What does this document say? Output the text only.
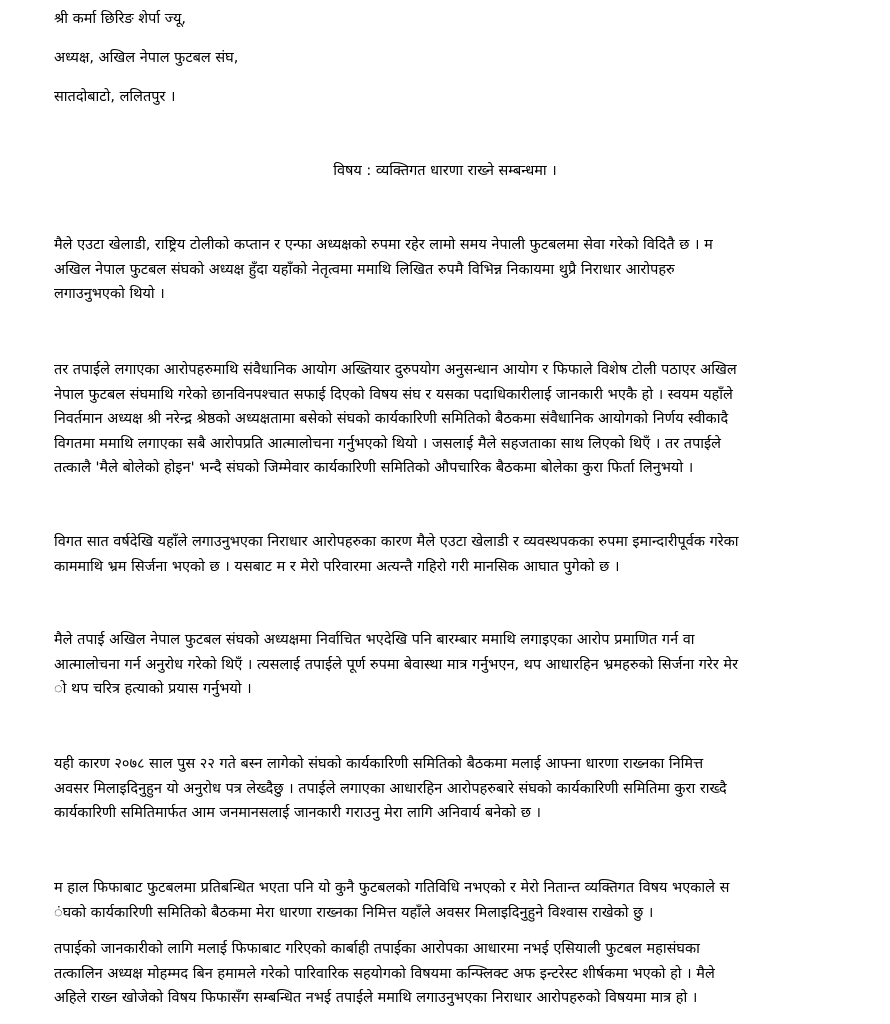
श्री कर्मा छिरिङ शेर्पा ज्यू,
अध्यक्ष, अखिल नेपाल फुटबल संघ,
सातदोबाटो, ललितपुर ।
विषय : व्यक्तिगत धारणा राख्ने सम्बन्धमा ।
मैले एउटा खेलाडी, राष्ट्रिय टोलीको कप्तान र एन्फा अध्यक्षको रुपमा रहेर लामो समय नेपाली फुटबलमा सेवा गरेको विदितै छ । म
अखिल नेपाल फुटबल संघको अध्यक्ष हुँदा यहाँको नेतृत्वमा ममाथि लिखित रुपमै विभिन्न निकायमा थुप्रै निराधार आरोपहरु
लगाउनुभएको थियो ।
तर तपाईले लगाएका आरोपहरुमाथि संवैधानिक आयोग अख्तियार दुरुपयोग अनुसन्धान आयोग र फिफाले विशेष टोली पठाएर अखिल
नेपाल फुटबल संघमाथि गरेको छानविनपश्चात सफाई दिएको विषय संघ र यसका पदाधिकारीलाई जानकारी भएकै हो । स्वयम यहाँले
निवर्तमान अध्यक्ष श्री नरेन्द्र श्रेष्ठको अध्यक्षतामा बसेको संघको कार्यकारिणी समितिको बैठकमा संवैधानिक आयोगको निर्णय स्वीकादै
विगतमा ममाथि लगाएका सबै आरोपप्रति आत्मालोचना गर्नुभएको थियो । जसलाई मैले सहजताका साथ लिएको थिएँ । तर तपाईले
तत्कालै 'मैले बोलेको होइन' भन्दै संघको जिम्मेवार कार्यकारिणी समितिको औपचारिक बैठकमा बोलेका कुरा फिर्ता लिनुभयो ।
विगत सात वर्षदेखि यहाँले लगाउनुभएका निराधार आरोपहरुका कारण मैले एउटा खेलाडी र व्यवस्थपकका रुपमा इमान्दारीपूर्वक गरेका
काममाथि भ्रम सिर्जना भएको छ । यसबाट म र मेरो परिवारमा अत्यन्तै गहिरो गरी मानसिक आघात पुगेको छ ।
मैले तपाई अखिल नेपाल फुटबल संघको अध्यक्षमा निर्वाचित भएदेखि पनि बारम्बार ममाथि लगाइएका आरोप प्रमाणित गर्न वा
आत्मालोचना गर्न अनुरोध गरेको थिएँ । त्यसलाई तपाईले पूर्ण रुपमा बेवास्था मात्र गर्नुभएन, थप आधारहिन भ्रमहरुको सिर्जना गरेर मेर
ो थप चरित्र हत्याको प्रयास गर्नुभयो ।
यही कारण २०७८ साल पुस २२ गते बस्न लागेको संघको कार्यकारिणी समितिको बैठकमा मलाई आफ्ना धारणा राख्नका निमित्त
अवसर मिलाइदिनुहुन यो अनुरोध पत्र लेख्दैछु । तपाईले लगाएका आधारहिन आरोपहरुबारे संघको कार्यकारिणी समितिमा कुरा राख्दै
कार्यकारिणी समितिमार्फत आम जनमानसलाई जानकारी गराउनु मेरा लागि अनिवार्य बनेको छ ।
म हाल फिफाबाट फुटबलमा प्रतिबन्धित भएता पनि यो कुनै फुटबलको गतिविधि नभएको र मेरो नितान्त व्यक्तिगत विषय भएकाले स
ंघको कार्यकारिणी समितिको बैठकमा मेरा धारणा राख्नका निमित्त यहाँले अवसर मिलाइदिनुहुने विश्वास राखेको छु ।
तपाईको जानकारीको लागि मलाई फिफाबाट गरिएको कार्बाही तपाईका आरोपका आधारमा नभई एसियाली फुटबल महासंघका
तत्कालिन अध्यक्ष मोहम्मद बिन हमामले गरेको पारिवारिक सहयोगको विषयमा कन्फ्लिक्ट अफ इन्टरेस्ट शीर्षकमा भएको हो । मैले
अहिले राख्न खोजेको विषय फिफासँग सम्बन्धित नभई तपाईले ममाथि लगाउनुभएका निराधार आरोपहरुको विषयमा मात्र हो ।
